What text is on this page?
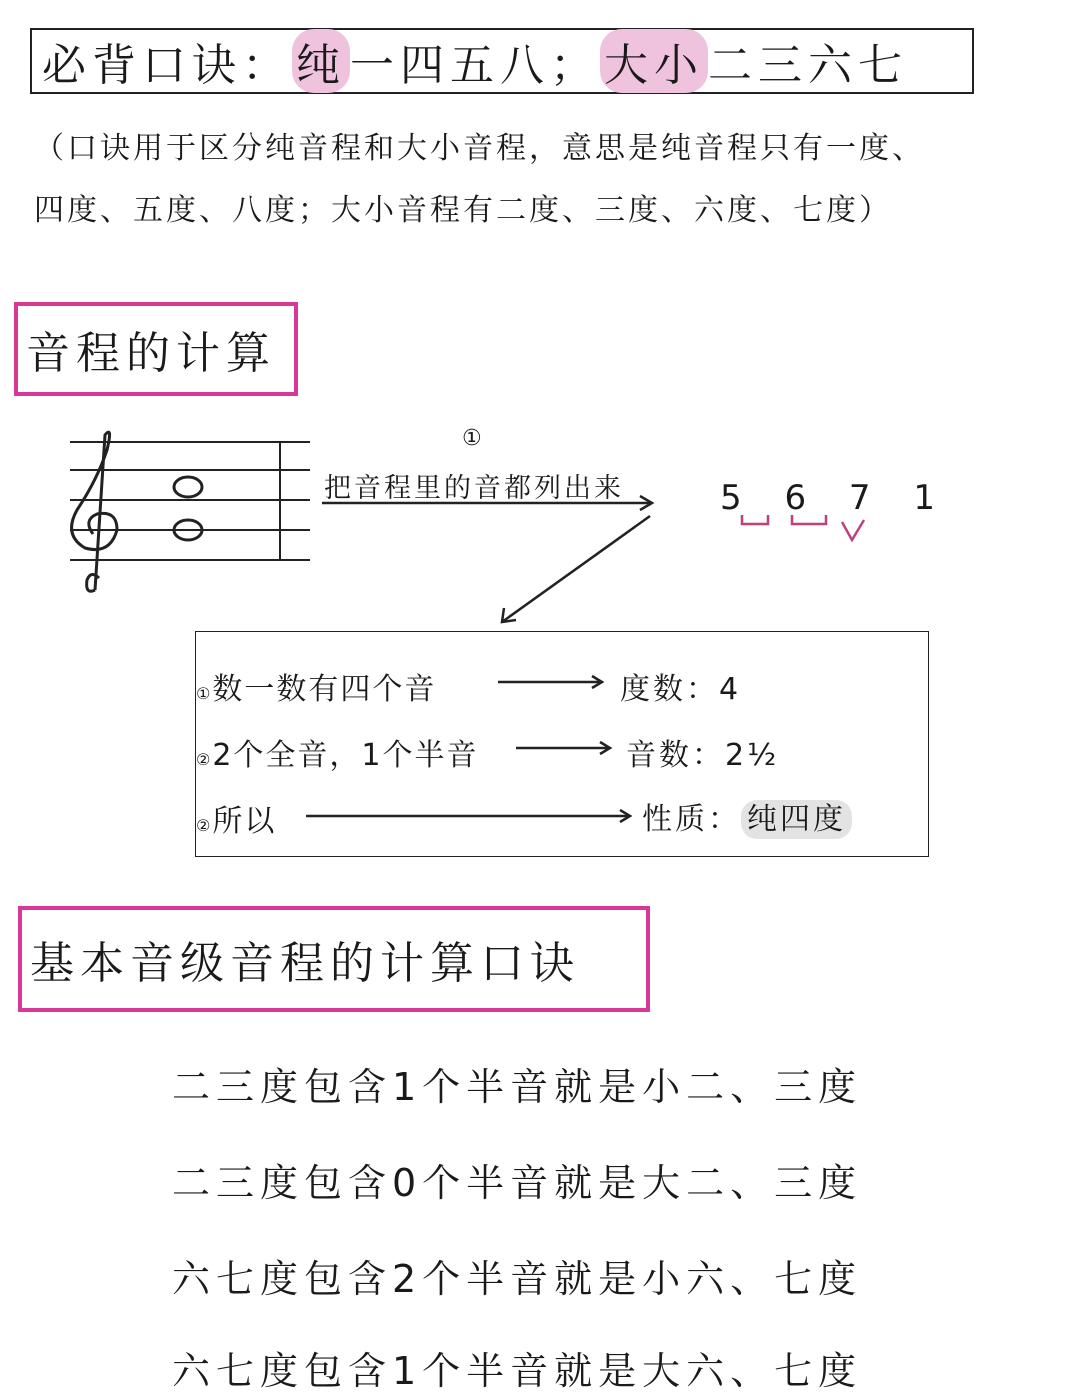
必背口诀： 纯 一四五八； 大小 二三六七
（口诀用于区分纯音程和大小音程，意思是纯音程只有一度、
四度、五度、八度；大小音程有二度、三度、六度、七度）
音程的计算
①
把音程里的音都列出来	5 6 7 1
①数一数有四个音	度数：4
②2个全音，1个半音	音数：2½
②所以	性质： 纯四度
基本音级音程的计算口诀
二三度包含1个半音就是小二、三度
二三度包含0个半音就是大二、三度
六七度包含2个半音就是小六、七度
六七度包含1个半音就是大六、七度
